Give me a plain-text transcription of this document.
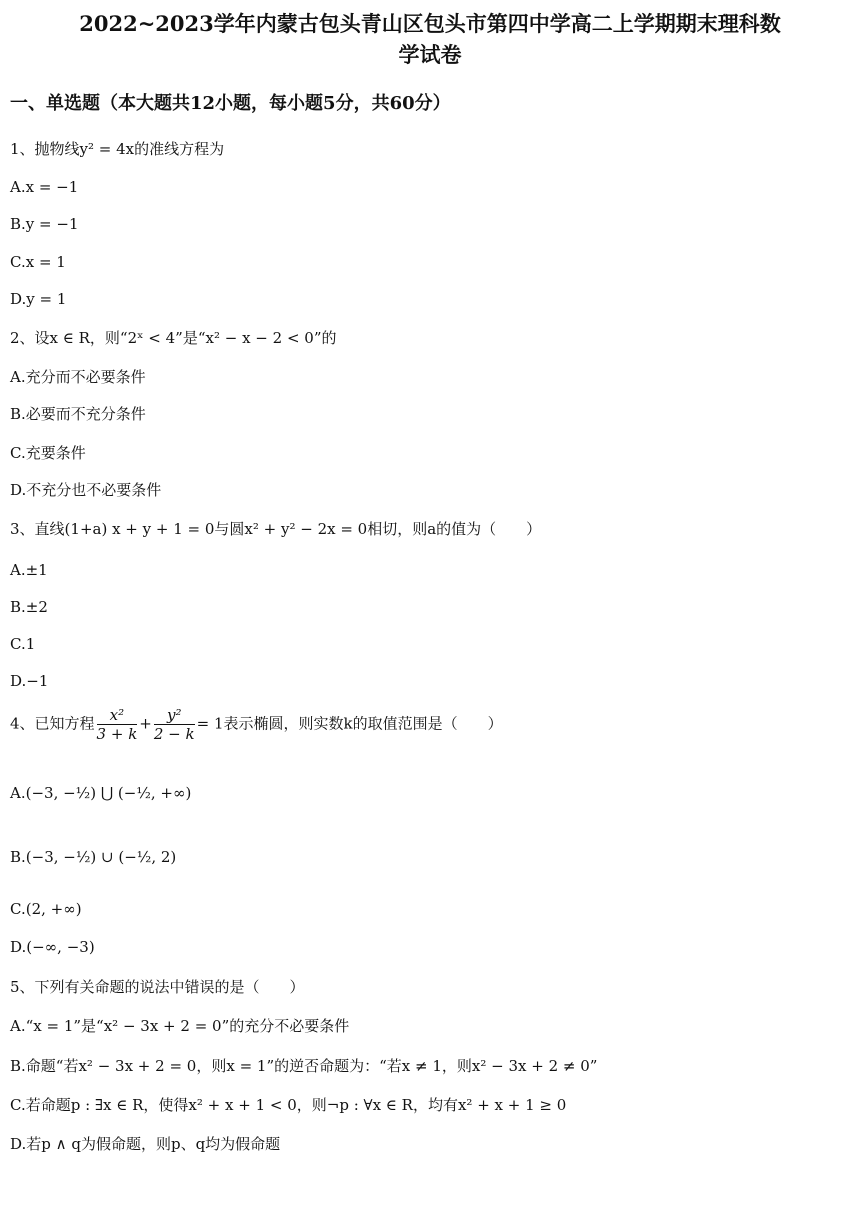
2022~2023学年内蒙古包头青山区包头市第四中学高二上学期期末理科数
学试卷
一、单选题（本大题共12小题，每小题5分，共60分）
1、抛物线y² = 4x的准线方程为
A.x = −1
B.y = −1
C.x = 1
D.y = 1
2、设x ∈ R，则“2ˣ < 4”是“x² − x − 2 < 0”的
A.充分而不必要条件
B.必要而不充分条件
C.充要条件
D.不充分也不必要条件
3、直线(1+a) x + y + 1 = 0与圆x² + y² − 2x = 0相切，则a的值为（　　）
A.±1
B.±2
C.1
D.−1
4、已知方程 $\frac{\text{x²}}{3 + k} + \frac{\text{y²}}{2 - k} = 1$表示椭圆，则实数k的取值范围是（　　）
A.(−3, −½) ⋃ (−½, +∞)
B.(−3, −½) ∪ (−½, 2)
C.(2, +∞)
D.(−∞, −3)
5、下列有关命题的说法中错误的是（　　）
A.“x = 1”是“x² − 3x + 2 = 0”的充分不必要条件
B.命题“若x² − 3x + 2 = 0，则x = 1”的逆否命题为：“若x ≠ 1，则x² − 3x + 2 ≠ 0”
C.若命题p : ∃x ∈ R，使得x² + x + 1 < 0，则¬p : ∀x ∈ R，均有x² + x + 1 ≥ 0
D.若p ∧ q为假命题，则p、q均为假命题
